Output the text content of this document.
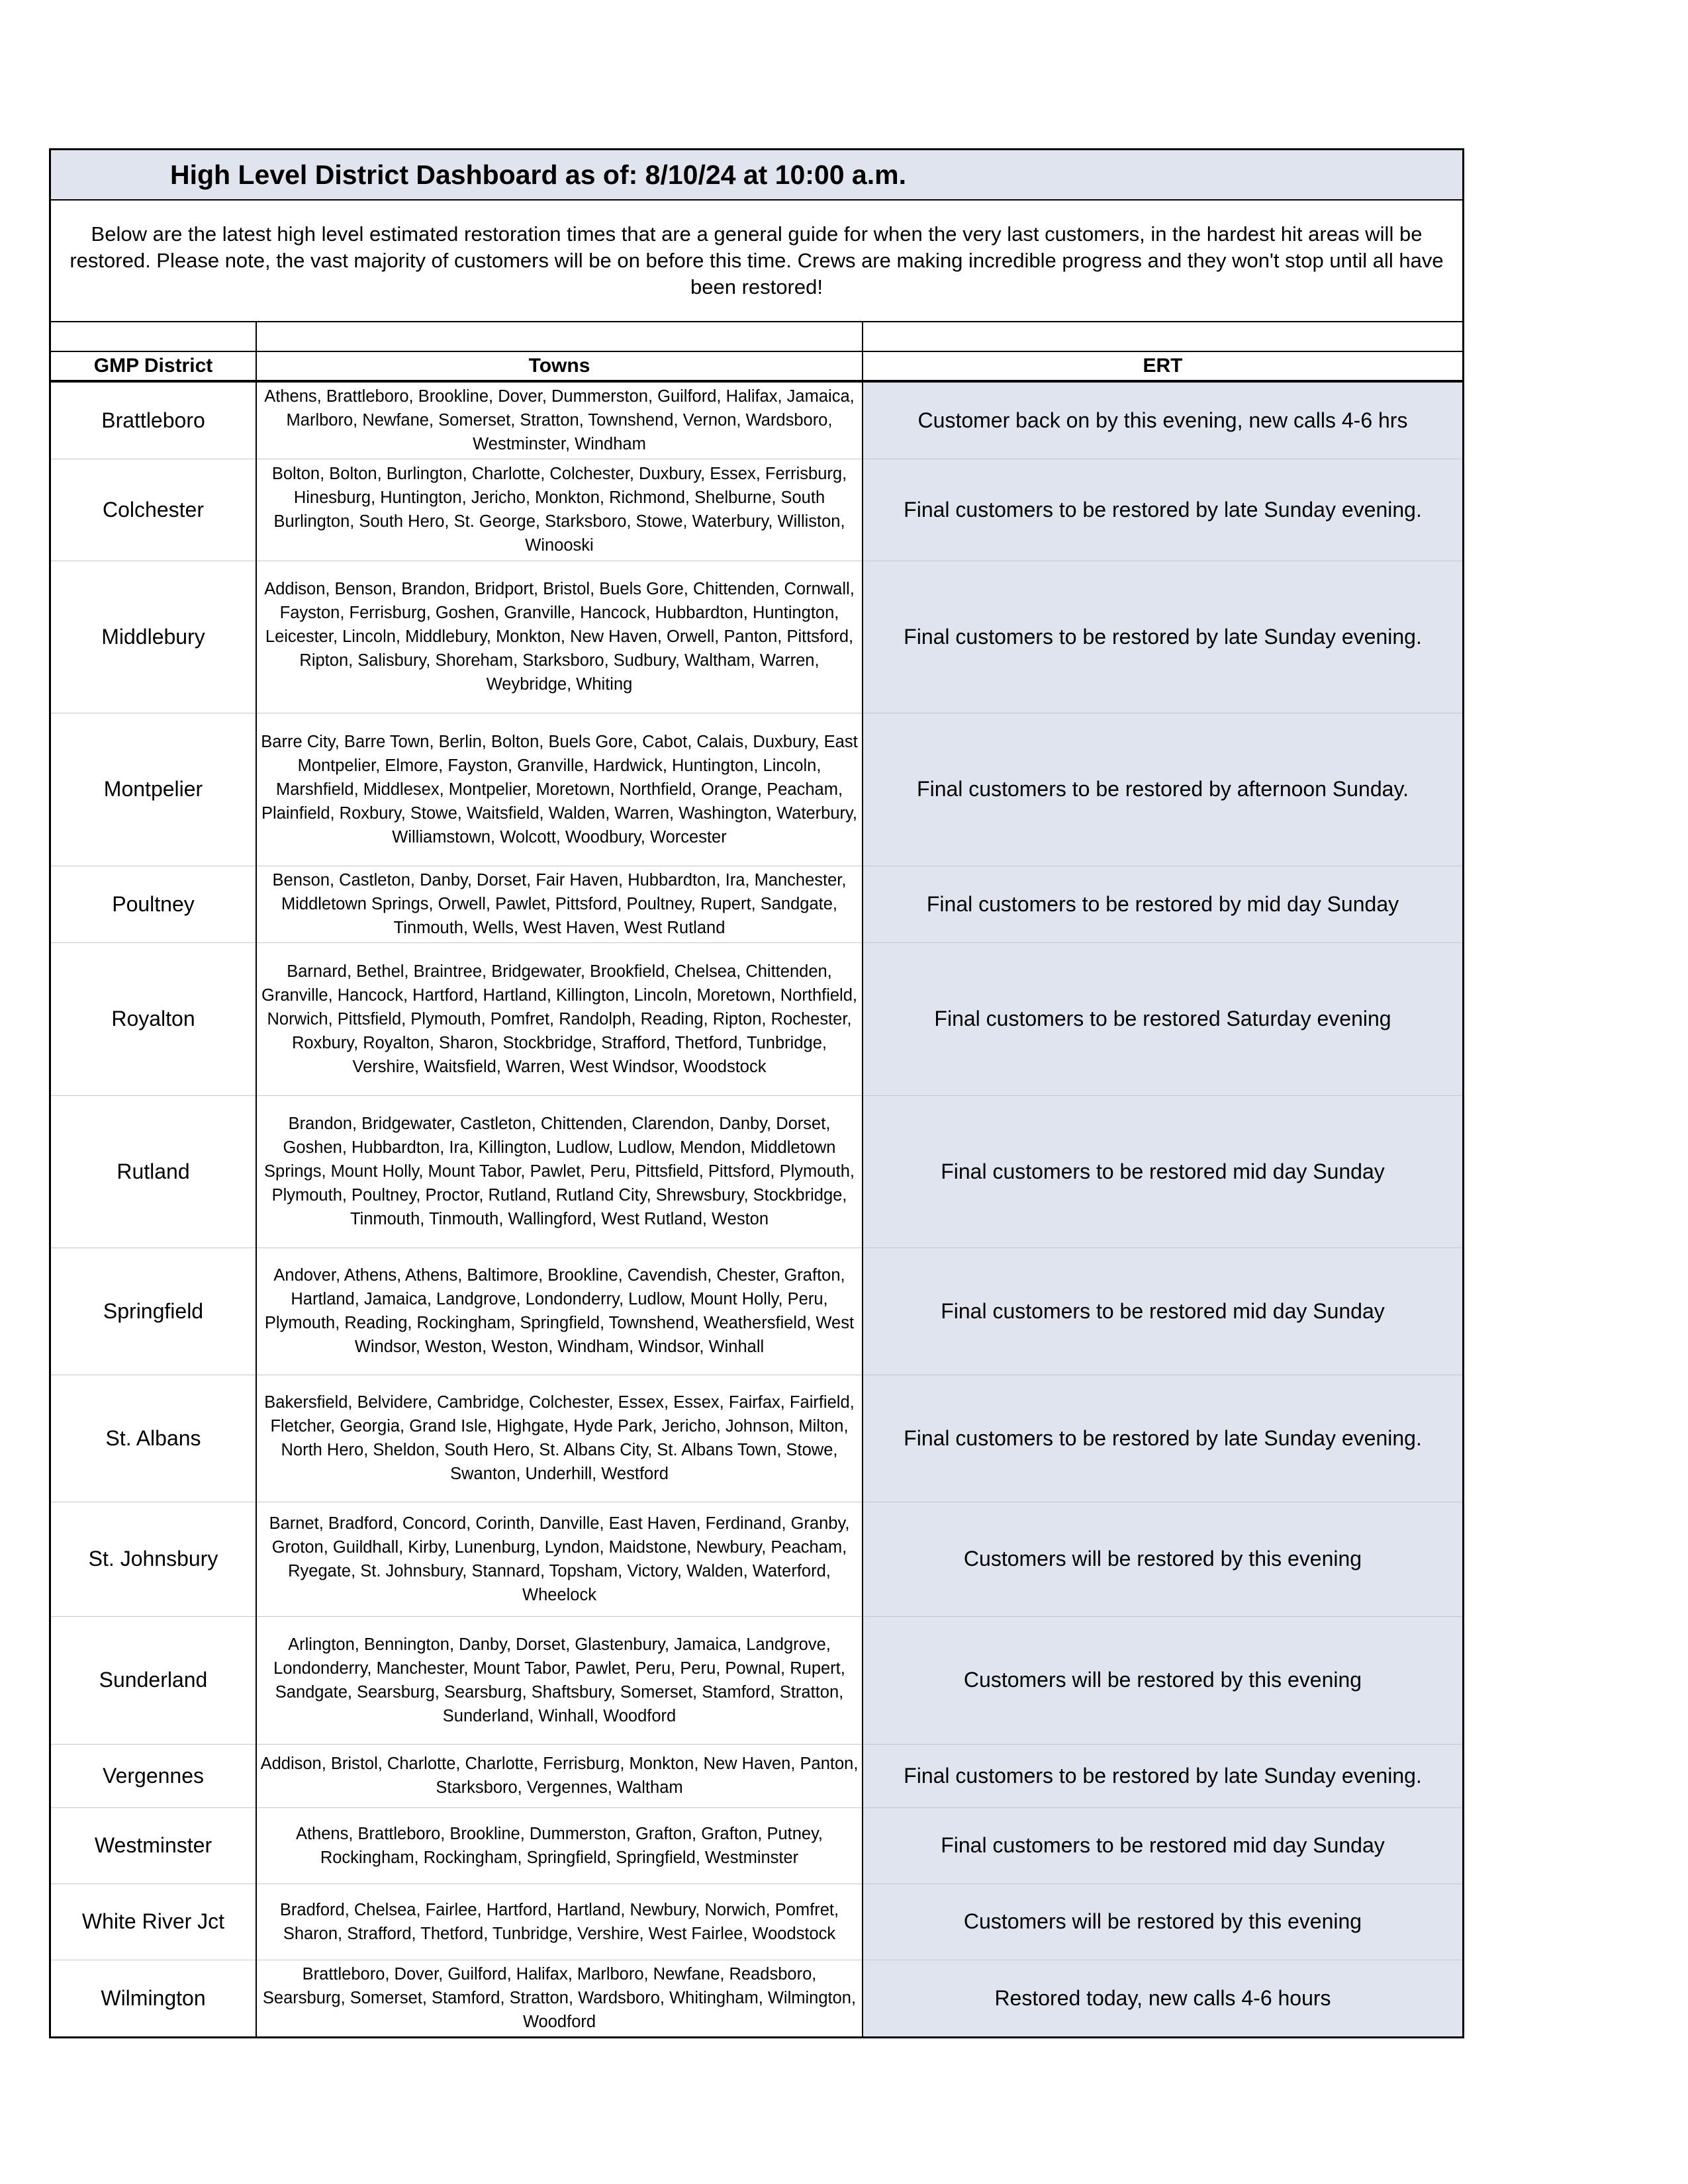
High Level District Dashboard as of: 8/10/24 at 10:00 a.m.
Below are the latest high level estimated restoration times that are a general guide for when the very last customers, in the hardest hit areas will be restored. Please note, the vast majority of customers will be on before this time. Crews are making incredible progress and they won't stop until all have been restored!

GMP District	Towns	ERT
Brattleboro	Athens, Brattleboro, Brookline, Dover, Dummerston, Guilford, Halifax, Jamaica, Marlboro, Newfane, Somerset, Stratton, Townshend, Vernon, Wardsboro, Westminster, Windham	Customer back on by this evening, new calls 4-6 hrs
Colchester	Bolton, Bolton, Burlington, Charlotte, Colchester, Duxbury, Essex, Ferrisburg, Hinesburg, Huntington, Jericho, Monkton, Richmond, Shelburne, South Burlington, South Hero, St. George, Starksboro, Stowe, Waterbury, Williston, Winooski	Final customers to be restored by late Sunday evening.
Middlebury	Addison, Benson, Brandon, Bridport, Bristol, Buels Gore, Chittenden, Cornwall, Fayston, Ferrisburg, Goshen, Granville, Hancock, Hubbardton, Huntington, Leicester, Lincoln, Middlebury, Monkton, New Haven, Orwell, Panton, Pittsford, Ripton, Salisbury, Shoreham, Starksboro, Sudbury, Waltham, Warren, Weybridge, Whiting	Final customers to be restored by late Sunday evening.
Montpelier	Barre City, Barre Town, Berlin, Bolton, Buels Gore, Cabot, Calais, Duxbury, East Montpelier, Elmore, Fayston, Granville, Hardwick, Huntington, Lincoln, Marshfield, Middlesex, Montpelier, Moretown, Northfield, Orange, Peacham, Plainfield, Roxbury, Stowe, Waitsfield, Walden, Warren, Washington, Waterbury, Williamstown, Wolcott, Woodbury, Worcester	Final customers to be restored by afternoon Sunday.
Poultney	Benson, Castleton, Danby, Dorset, Fair Haven, Hubbardton, Ira, Manchester, Middletown Springs, Orwell, Pawlet, Pittsford, Poultney, Rupert, Sandgate, Tinmouth, Wells, West Haven, West Rutland	Final customers to be restored by mid day Sunday
Royalton	Barnard, Bethel, Braintree, Bridgewater, Brookfield, Chelsea, Chittenden, Granville, Hancock, Hartford, Hartland, Killington, Lincoln, Moretown, Northfield, Norwich, Pittsfield, Plymouth, Pomfret, Randolph, Reading, Ripton, Rochester, Roxbury, Royalton, Sharon, Stockbridge, Strafford, Thetford, Tunbridge, Vershire, Waitsfield, Warren, West Windsor, Woodstock	Final customers to be restored Saturday evening
Rutland	Brandon, Bridgewater, Castleton, Chittenden, Clarendon, Danby, Dorset, Goshen, Hubbardton, Ira, Killington, Ludlow, Ludlow, Mendon, Middletown Springs, Mount Holly, Mount Tabor, Pawlet, Peru, Pittsfield, Pittsford, Plymouth, Plymouth, Poultney, Proctor, Rutland, Rutland City, Shrewsbury, Stockbridge, Tinmouth, Tinmouth, Wallingford, West Rutland, Weston	Final customers to be restored mid day Sunday
Springfield	Andover, Athens, Athens, Baltimore, Brookline, Cavendish, Chester, Grafton, Hartland, Jamaica, Landgrove, Londonderry, Ludlow, Mount Holly, Peru, Plymouth, Reading, Rockingham, Springfield, Townshend, Weathersfield, West Windsor, Weston, Weston, Windham, Windsor, Winhall	Final customers to be restored mid day Sunday
St. Albans	Bakersfield, Belvidere, Cambridge, Colchester, Essex, Essex, Fairfax, Fairfield, Fletcher, Georgia, Grand Isle, Highgate, Hyde Park, Jericho, Johnson, Milton, North Hero, Sheldon, South Hero, St. Albans City, St. Albans Town, Stowe, Swanton, Underhill, Westford	Final customers to be restored by late Sunday evening.
St. Johnsbury	Barnet, Bradford, Concord, Corinth, Danville, East Haven, Ferdinand, Granby, Groton, Guildhall, Kirby, Lunenburg, Lyndon, Maidstone, Newbury, Peacham, Ryegate, St. Johnsbury, Stannard, Topsham, Victory, Walden, Waterford, Wheelock	Customers will be restored by this evening
Sunderland	Arlington, Bennington, Danby, Dorset, Glastenbury, Jamaica, Landgrove, Londonderry, Manchester, Mount Tabor, Pawlet, Peru, Peru, Pownal, Rupert, Sandgate, Searsburg, Searsburg, Shaftsbury, Somerset, Stamford, Stratton, Sunderland, Winhall, Woodford	Customers will be restored by this evening
Vergennes	Addison, Bristol, Charlotte, Charlotte, Ferrisburg, Monkton, New Haven, Panton, Starksboro, Vergennes, Waltham	Final customers to be restored by late Sunday evening.
Westminster	Athens, Brattleboro, Brookline, Dummerston, Grafton, Grafton, Putney, Rockingham, Rockingham, Springfield, Springfield, Westminster	Final customers to be restored mid day Sunday
White River Jct	Bradford, Chelsea, Fairlee, Hartford, Hartland, Newbury, Norwich, Pomfret, Sharon, Strafford, Thetford, Tunbridge, Vershire, West Fairlee, Woodstock	Customers will be restored by this evening
Wilmington	Brattleboro, Dover, Guilford, Halifax, Marlboro, Newfane, Readsboro, Searsburg, Somerset, Stamford, Stratton, Wardsboro, Whitingham, Wilmington, Woodford	Restored today, new calls 4-6 hours
